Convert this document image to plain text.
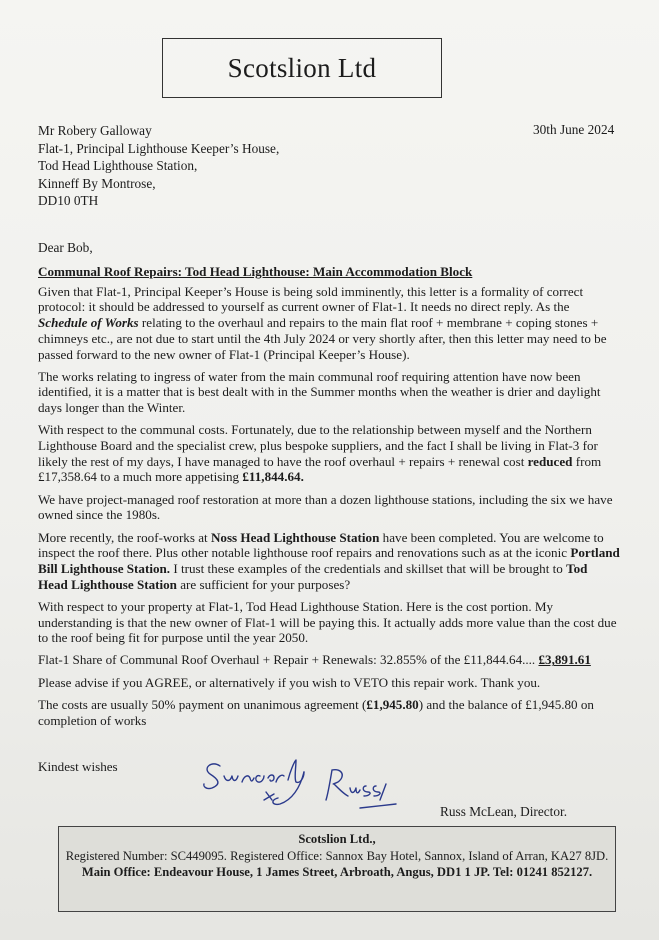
Scotslion Ltd
Mr Robery Galloway
Flat-1, Principal Lighthouse Keeper’s House,
Tod Head Lighthouse Station,
Kinneff By Montrose,
DD10 0TH
30th June 2024
Dear Bob,

Communal Roof Repairs: Tod Head Lighthouse: Main Accommodation Block

Given that Flat-1, Principal Keeper’s House is being sold imminently, this letter is a formality of correct protocol: it should be addressed to yourself as current owner of Flat-1. It needs no direct reply. As the Schedule of Works relating to the overhaul and repairs to the main flat roof + membrane + coping stones + chimneys etc., are not due to start until the 4th July 2024 or very shortly after, then this letter may need to be passed forward to the new owner of Flat-1 (Principal Keeper’s House).

The works relating to ingress of water from the main communal roof requiring attention have now been identified, it is a matter that is best dealt with in the Summer months when the weather is drier and daylight days longer than the Winter.

With respect to the communal costs. Fortunately, due to the relationship between myself and the Northern Lighthouse Board and the specialist crew, plus bespoke suppliers, and the fact I shall be living in Flat-3 for likely the rest of my days, I have managed to have the roof overhaul + repairs + renewal cost reduced from £17,358.64 to a much more appetising £11,844.64.

We have project-managed roof restoration at more than a dozen lighthouse stations, including the six we have owned since the 1980s.

More recently, the roof-works at Noss Head Lighthouse Station have been completed. You are welcome to inspect the roof there. Plus other notable lighthouse roof repairs and renovations such as at the iconic Portland Bill Lighthouse Station. I trust these examples of the credentials and skillset that will be brought to Tod Head Lighthouse Station are sufficient for your purposes?

With respect to your property at Flat-1, Tod Head Lighthouse Station. Here is the cost portion. My understanding is that the new owner of Flat-1 will be paying this. It actually adds more value than the cost due to the roof being fit for purpose until the year 2050.

Flat-1 Share of Communal Roof Overhaul + Repair + Renewals: 32.855% of the £11,844.64.... £3,891.61

Please advise if you AGREE, or alternatively if you wish to VETO this repair work. Thank you.

The costs are usually 50% payment on unanimous agreement (£1,945.80) and the balance of £1,945.80 on completion of works

Kindest wishes
Russ McLean, Director.
Scotslion Ltd.,
Registered Number: SC449095. Registered Office: Sannox Bay Hotel, Sannox, Island of Arran, KA27 8JD.
Main Office: Endeavour House, 1 James Street, Arbroath, Angus, DD1 1 JP. Tel: 01241 852127.
